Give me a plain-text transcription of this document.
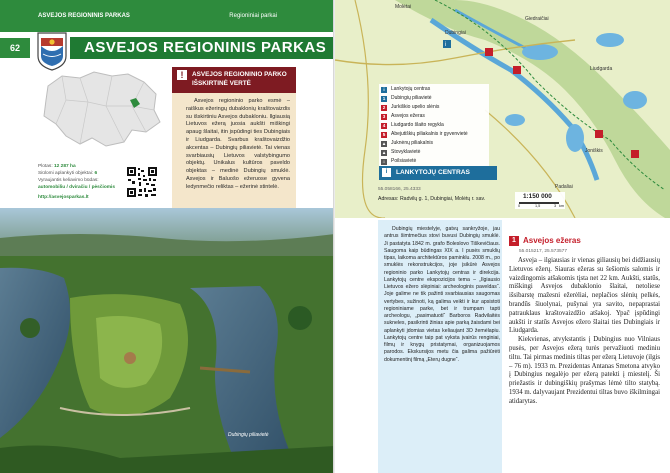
ASVEJOS REGIONINIS PARKAS	Regioniniai parkai
62	ASVEJOS REGIONINIS PARKAS
Plotas: 12 287 ha
Siūlomi aplankyti objektai: 6
Vyraujantis keliavimo būdas:
automobiliu / dviračiu / pėsčiomis
http://asvejosparkas.lt
!	ASVEJOS REGIONINIO PARKO IŠSKIRTINĖ VERTĖ
Asvejos regioninio parko esmė – raiškus ežeringų dubaklonių kraštovaizdis su išskirtiniu Asvejos dubakloniu. Ilgiausią Lietuvos ežerą juosia aukšti miškingi apaug šlaitai, itin įspūdingi ties Dubingiais ir Liudgarda. Svarbus kraštovaizdžio akcentas – Dubingių piliavietė. Tai vienas svarbiausių Lietuvos valstybingumo objektų. Unikalus kultūros paveldo objektas – medinė Dubingių smuklė. Asvejos ir Baluošo ežeruose gyvena ledynmečio reliktas – ežerinė stintelė.
Dubingių piliavietė
Dubingiai
Giedraičiai
Liudgarda
Joniškis
Molėtai
Padaliai
i
i Lankytojų centras
1 Dubingių piliavietė
2 Jurkiškio upelio slėnis
3 Asvejos ežeras
4 Liudgardo šlaito regykla
5 Abejutiškių piliakalnis ir gyvenvietė
▲ Juknėnų piliakalnis
▲ Stovyklavietė
⌂ Poilsiavietė
1:150 000
0	1,5	3 km
i	LANKYTOJŲ CENTRAS
55.058166, 25.4333
Adresas: Radvilų g. 1, Dubingiai, Molėtų r. sav.
Dubingių miestelyje, gatvų sankryžoje, jau antrus šimtmečius stovi buvusi Dubingių smuklė. Ji pastatyta 1842 m. grafo Boleslovo Tiškevičiaus. Saugoma kaip būdingas XIX a. I pusės smuklių tipas, laikoma architektūros paminklu. 2008 m., po smuklės rekonstrukcijos, joje įsikūrė Asvejos regioninio parko Lankytojų centras ir direkcija. Lankytojų centre ekspozicijos tema – „Ilgiausio Lietuvos ežero slėpiniai: archeologinis paveldas“. Joje galime ne tik pažinti svarbiausias saugomas vertybes, sužinoti, ką galima veikti ir kur apsistoti regioniniame parke, bet ir trumpam tapti archeologu, „pasimatuoti“ Barboros Radvilaitės sukneles, pasikrinti žinias apie parką žaisdami bei aplankyti įdomias vietas keliaujant 3D žemėlapiu. Lankytojų centre taip pat vykstа įvairūs renginiai, filmų ir knygų pristatymai, organizuojamos parodos. Ekskursijos metu čia galima pažiūrėti dokumentinį filmą „Eterų dugne“.
1 Asvejos ežeras
55.015217, 25.573577

Asveja – ilgiausias ir vienas giliausių bei didžiausių Lietuvos ežerų. Siauras ežeras su šešiomis salomis ir vaizdingomis atšakomis tįsta net 22 km. Aukšti, statūs, miškingi Asvejos dubaklonio šlaitai, netoliese išsibarstę mažesni ežerėliai, neplačios slėnių pelkės, brandūs šiuolynai, pušynai yra savito, nepaprastai patrauklaus kraštovaizdžio atšakoj. Ypač įspūdingi aukšti ir statūs Asvejos ežero šlaitai ties Dubingiais ir Liudgarda.

Kiekvienas, atvykstantis į Dubingius nuo Vilniaus pusės, per Asvejos ežerą turės pervažiuoti mediniu tiltu. Tai pirmas medinis tiltas per ežerą Lietuvoje (ilgis – 76 m). 1933 m. Prezidentas Antanas Smetona atvyko į Dubingius negalėjo per ežerą patekti į miestelį. Ši priežastis ir dubingiškių prašymas lėmė tilto statybą. 1934 m. dalyvaujant Prezidentui tiltas buvo iškilmingai atidarytas.
